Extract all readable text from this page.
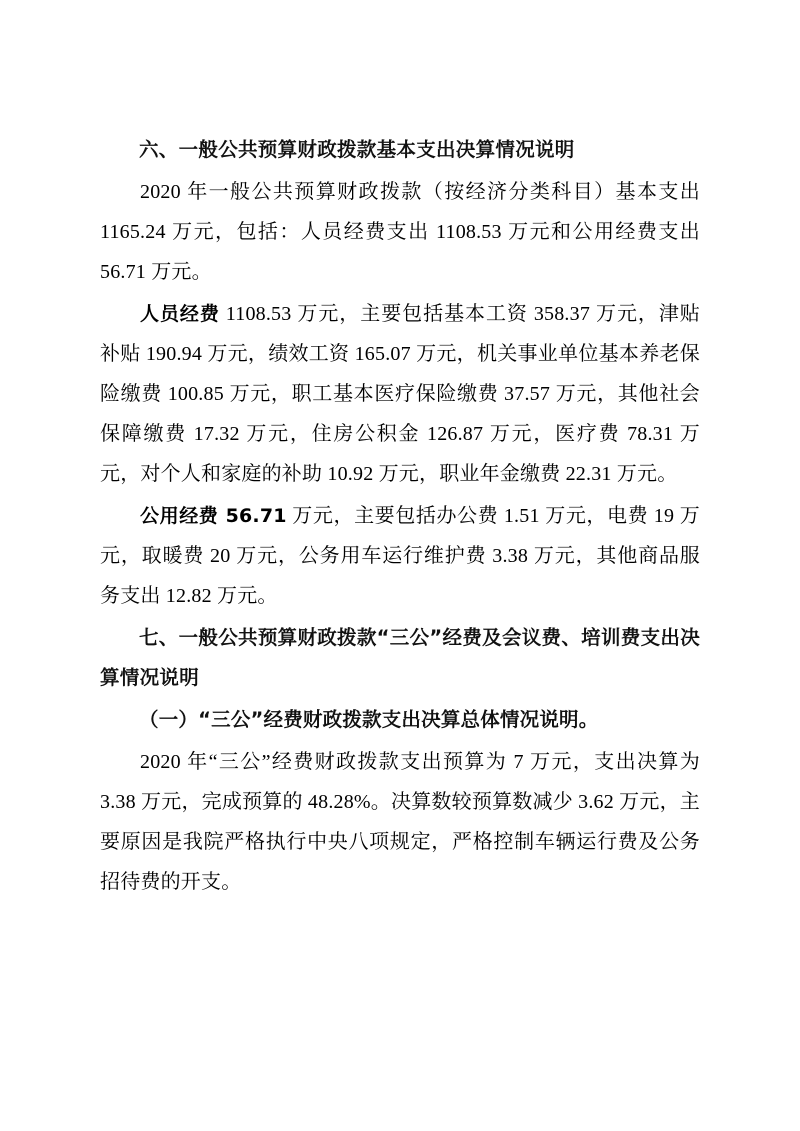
六、一般公共预算财政拨款基本支出决算情况说明

2020 年一般公共预算财政拨款（按经济分类科目）基本支出 1165.24 万元，包括：人员经费支出 1108.53 万元和公用经费支出 56.71 万元。

人员经费 1108.53 万元，主要包括基本工资 358.37 万元，津贴补贴 190.94 万元，绩效工资 165.07 万元，机关事业单位基本养老保险缴费 100.85 万元，职工基本医疗保险缴费 37.57 万元，其他社会保障缴费 17.32 万元，住房公积金 126.87 万元，医疗费 78.31 万元，对个人和家庭的补助 10.92 万元，职业年金缴费 22.31 万元。

公用经费 56.71 万元，主要包括办公费 1.51 万元，电费 19 万元，取暖费 20 万元，公务用车运行维护费 3.38 万元，其他商品服务支出 12.82 万元。

七、一般公共预算财政拨款“三公”经费及会议费、培训费支出决算情况说明
（一）“三公”经费财政拨款支出决算总体情况说明。

2020 年“三公”经费财政拨款支出预算为 7 万元，支出决算为 3.38 万元，完成预算的 48.28%。决算数较预算数减少 3.62 万元，主要原因是我院严格执行中央八项规定，严格控制车辆运行费及公务招待费的开支。
